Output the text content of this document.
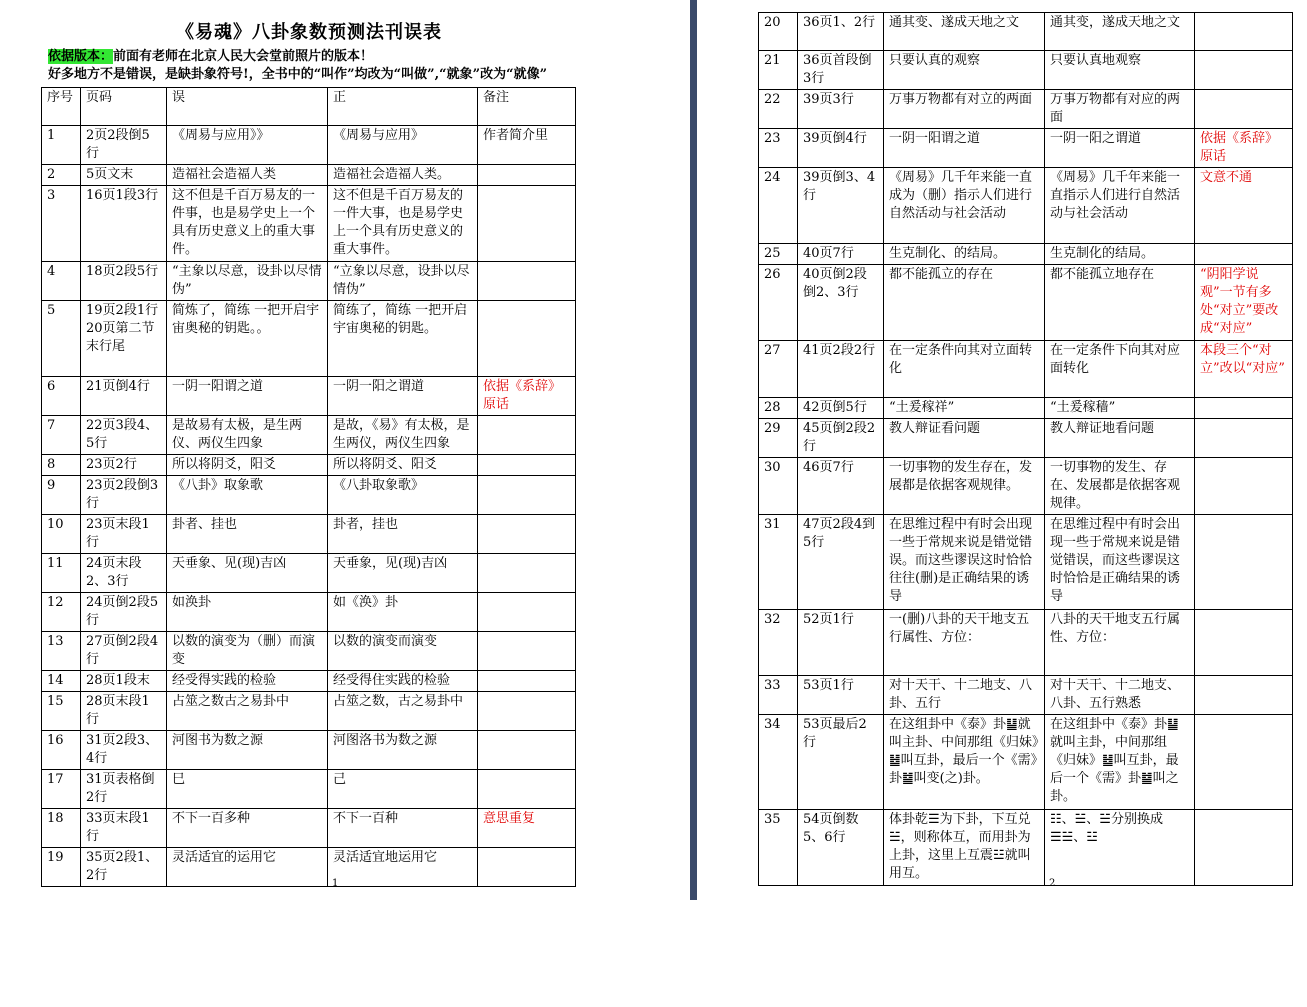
《易魂》八卦象数预测法刊误表
依据版本：前面有老师在北京人民大会堂前照片的版本！
好多地方不是错误，是缺卦象符号!，全书中的“叫作”均改为“叫做”,“就象”改为“就像”
序号	页码	误	正	备注
1	2页2段倒5行	《周易与应用》》	《周易与应用》	作者简介里
2	5页文末	造福社会造福人类	造福社会造福人类。	
3	16页1段3行	这不但是千百万易友的一件事，也是易学史上一个具有历史意义上的重大事件。	这不但是千百万易友的一件大事，也是易学史上一个具有历史意义的重大事件。	
4	18页2段5行	“主象以尽意，设卦以尽情伪”	“立象以尽意，设卦以尽情伪”	
5	19页2段1行 20页第二节末行尾	简炼了，简练 一把开启宇宙奥秘的钥匙。。	简练了，简练 一把开启宇宙奥秘的钥匙。	
6	21页倒4行	一阴一阳谓之道	一阴一阳之谓道	依据《系辞》原话
7	22页3段4、5行	是故易有太极，是生两仪、两仪生四象	是故，《易》有太极，是生两仪，两仪生四象	
8	23页2行	所以将阴爻，阳爻	所以将阴爻、阳爻	
9	23页2段倒3行	《八卦》取象歌	《八卦取象歌》	
10	23页末段1行	卦者、挂也	卦者，挂也	
11	24页末段2、3行	天垂象、见(现)吉凶	天垂象，见(现)吉凶	
12	24页倒2段5行	如涣卦	如《涣》卦	
13	27页倒2段4行	以数的演变为（删）而演变	以数的演变而演变	
14	28页1段末	经受得实践的检验	经受得住实践的检验	
15	28页末段1行	占筮之数古之易卦中	占筮之数，古之易卦中	
16	31页2段3、4行	河图书为数之源	河图洛书为数之源	
17	31页表格倒2行	巳	己	
18	33页末段1行	不下一百多种	不下一百种	意思重复
19	35页2段1、2行	灵活适宜的运用它	灵活适宜地运用它	
1	2
20	36页1、2行	通其变、遂成天地之文	通其变，遂成天地之文	
21	36页首段倒3行	只要认真的观察	只要认真地观察	
22	39页3行	万事万物都有对立的两面	万事万物都有对应的两面	
23	39页倒4行	一阴一阳谓之道	一阴一阳之谓道	依据《系辞》原话
24	39页倒3、4行	《周易》几千年来能一直成为（删）指示人们进行自然活动与社会活动	《周易》几千年来能一直指示人们进行自然活动与社会活动	文意不通
25	40页7行	生克制化、的结局。	生克制化的结局。	
26	40页倒2段倒2、3行	都不能孤立的存在	都不能孤立地存在	“阴阳学说观”一节有多处“对立”要改成“对应”
27	41页2段2行	在一定条件向其对立面转化	在一定条件下向其对应面转化	本段三个“对立”改以“对应”
28	42页倒5行	“土爰稼祥”	“土爰稼穑”	
29	45页倒2段2行	教人辩证看问题	教人辩证地看问题	
30	46页7行	一切事物的发生存在，发展都是依据客观规律。	一切事物的发生、存在、发展都是依据客观规律。	
31	47页2段4到5行	在思维过程中有时会出现一些于常规来说是错觉错误。而这些谬误这时恰恰往往(删)是正确结果的诱导	在思维过程中有时会出现一些于常规来说是错觉错误，而这些谬误这时恰恰是正确结果的诱导	
32	52页1行	一(删)八卦的天干地支五行属性、方位：	八卦的天干地支五行属性、方位：	
33	53页1行	对十天干、十二地支、八卦、五行	对十天干、十二地支、八卦、五行熟悉	
34	53页最后2行	在这组卦中《泰》卦䷊就叫主卦、中间那组《归妹》䷵叫互卦，最后一个《需》卦䷄叫变(之)卦。	在这组卦中《泰》卦䷊就叫主卦，中间那组《归妹》䷵叫互卦，最后一个《需》卦䷄叫之卦。	
35	54页倒数5、6行	体卦乾☰为下卦，下互兑☱，则称体互，而用卦为上卦，这里上互震☳就叫用互。	☷、☱、☱分别换成☰☱、☳	
